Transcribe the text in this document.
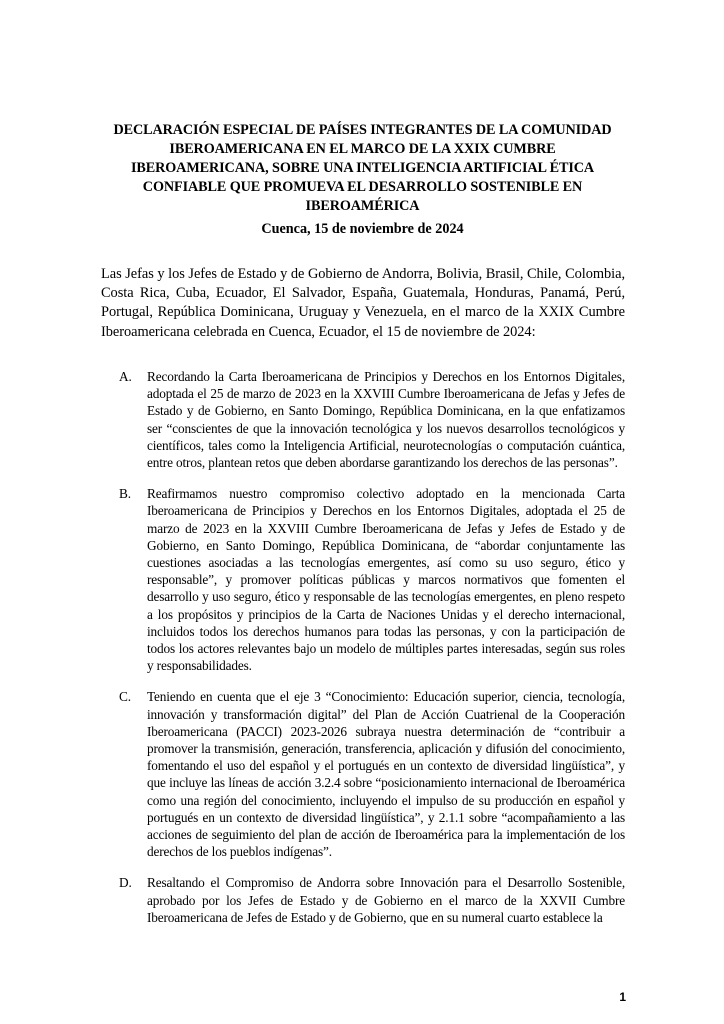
DECLARACIÓN ESPECIAL DE PAÍSES INTEGRANTES DE LA COMUNIDAD IBEROAMERICANA EN EL MARCO DE LA XXIX CUMBRE IBEROAMERICANA, SOBRE UNA INTELIGENCIA ARTIFICIAL ÉTICA CONFIABLE QUE PROMUEVA EL DESARROLLO SOSTENIBLE EN IBEROAMÉRICA
Cuenca, 15 de noviembre de 2024

Las Jefas y los Jefes de Estado y de Gobierno de Andorra, Bolivia, Brasil, Chile, Colombia, Costa Rica, Cuba, Ecuador, El Salvador, España, Guatemala, Honduras, Panamá, Perú, Portugal, República Dominicana, Uruguay y Venezuela, en el marco de la XXIX Cumbre Iberoamericana celebrada en Cuenca, Ecuador, el 15 de noviembre de 2024:

A.	Recordando la Carta Iberoamericana de Principios y Derechos en los Entornos Digitales, adoptada el 25 de marzo de 2023 en la XXVIII Cumbre Iberoamericana de Jefas y Jefes de Estado y de Gobierno, en Santo Domingo, República Dominicana, en la que enfatizamos ser “conscientes de que la innovación tecnológica y los nuevos desarrollos tecnológicos y científicos, tales como la Inteligencia Artificial, neurotecnologías o computación cuántica, entre otros, plantean retos que deben abordarse garantizando los derechos de las personas”.
B.	Reafirmamos nuestro compromiso colectivo adoptado en la mencionada Carta Iberoamericana de Principios y Derechos en los Entornos Digitales, adoptada el 25 de marzo de 2023 en la XXVIII Cumbre Iberoamericana de Jefas y Jefes de Estado y de Gobierno, en Santo Domingo, República Dominicana, de “abordar conjuntamente las cuestiones asociadas a las tecnologías emergentes, así como su uso seguro, ético y responsable”, y promover políticas públicas y marcos normativos que fomenten el desarrollo y uso seguro, ético y responsable de las tecnologías emergentes, en pleno respeto a los propósitos y principios de la Carta de Naciones Unidas y el derecho internacional, incluidos todos los derechos humanos para todas las personas, y con la participación de todos los actores relevantes bajo un modelo de múltiples partes interesadas, según sus roles y responsabilidades.
C.	Teniendo en cuenta que el eje 3 “Conocimiento: Educación superior, ciencia, tecnología, innovación y transformación digital” del Plan de Acción Cuatrienal de la Cooperación Iberoamericana (PACCI) 2023-2026 subraya nuestra determinación de “contribuir a promover la transmisión, generación, transferencia, aplicación y difusión del conocimiento, fomentando el uso del español y el portugués en un contexto de diversidad lingüística”, y que incluye las líneas de acción 3.2.4 sobre “posicionamiento internacional de Iberoamérica como una región del conocimiento, incluyendo el impulso de su producción en español y portugués en un contexto de diversidad lingüística”, y 2.1.1 sobre “acompañamiento a las acciones de seguimiento del plan de acción de Iberoamérica para la implementación de los derechos de los pueblos indígenas”.
D.	Resaltando el Compromiso de Andorra sobre Innovación para el Desarrollo Sostenible, aprobado por los Jefes de Estado y de Gobierno en el marco de la XXVII Cumbre Iberoamericana de Jefes de Estado y de Gobierno, que en su numeral cuarto establece la
1
